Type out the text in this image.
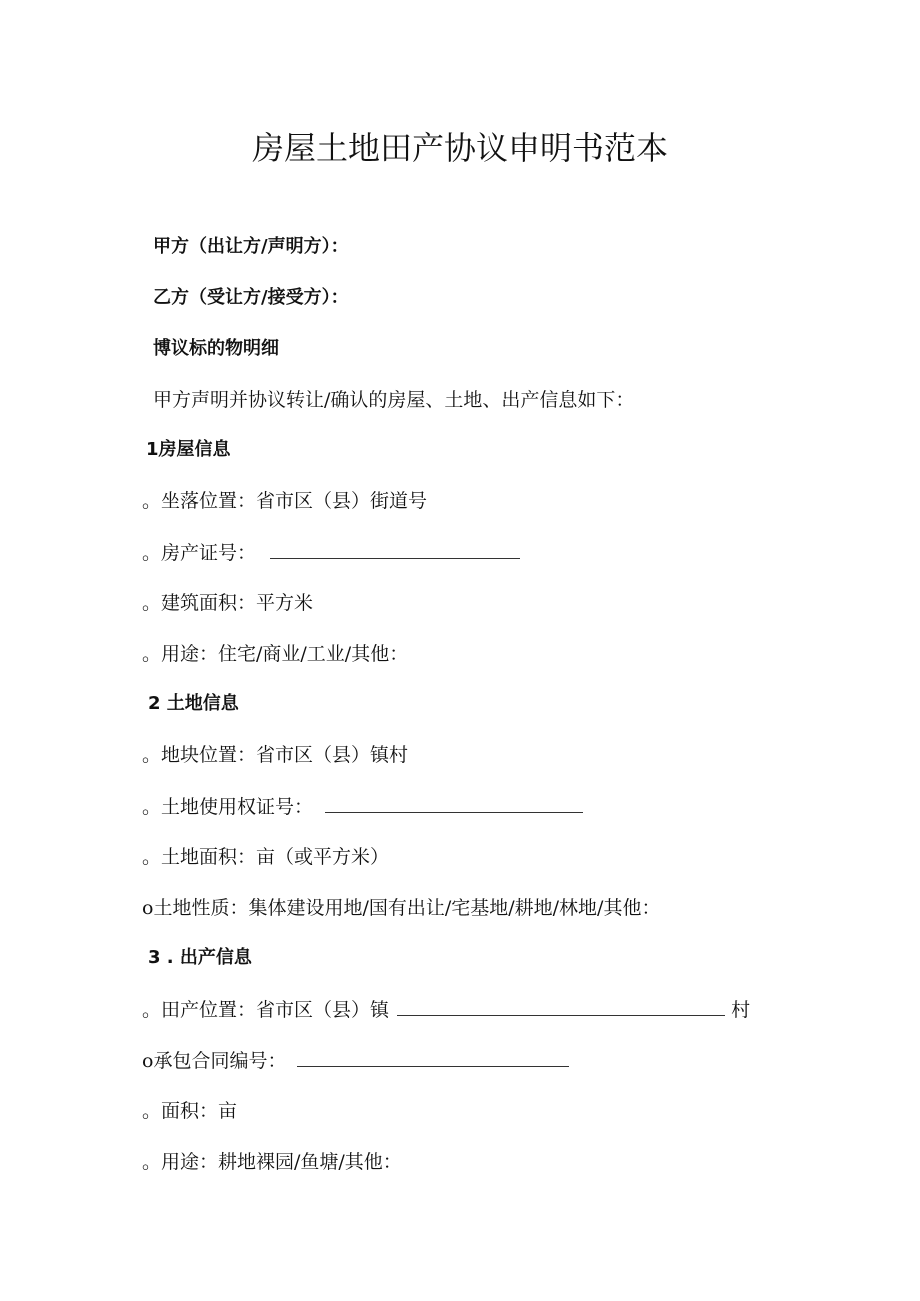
房屋土地田产协议申明书范本
甲方（出让方/声明方）：
乙方（受让方/接受方）：
博议标的物明细
甲方声明并协议转让/确认的房屋、土地、出产信息如下：
1房屋信息
。坐落位置：省市区（县）街道号
。房产证号：
。建筑面积：平方米
。用途：住宅/商业/工业/其他：
2 土地信息
。地块位置：省市区（县）镇村
。土地使用权证号：
。土地面积：亩（或平方米）
o土地性质：集体建设用地/国有出让/宅基地/耕地/林地/其他：
3 . 出产信息
。田产位置：省市区（县）镇	村
o承包合同编号：
。面积：亩
。用途：耕地裸园/鱼塘/其他：
